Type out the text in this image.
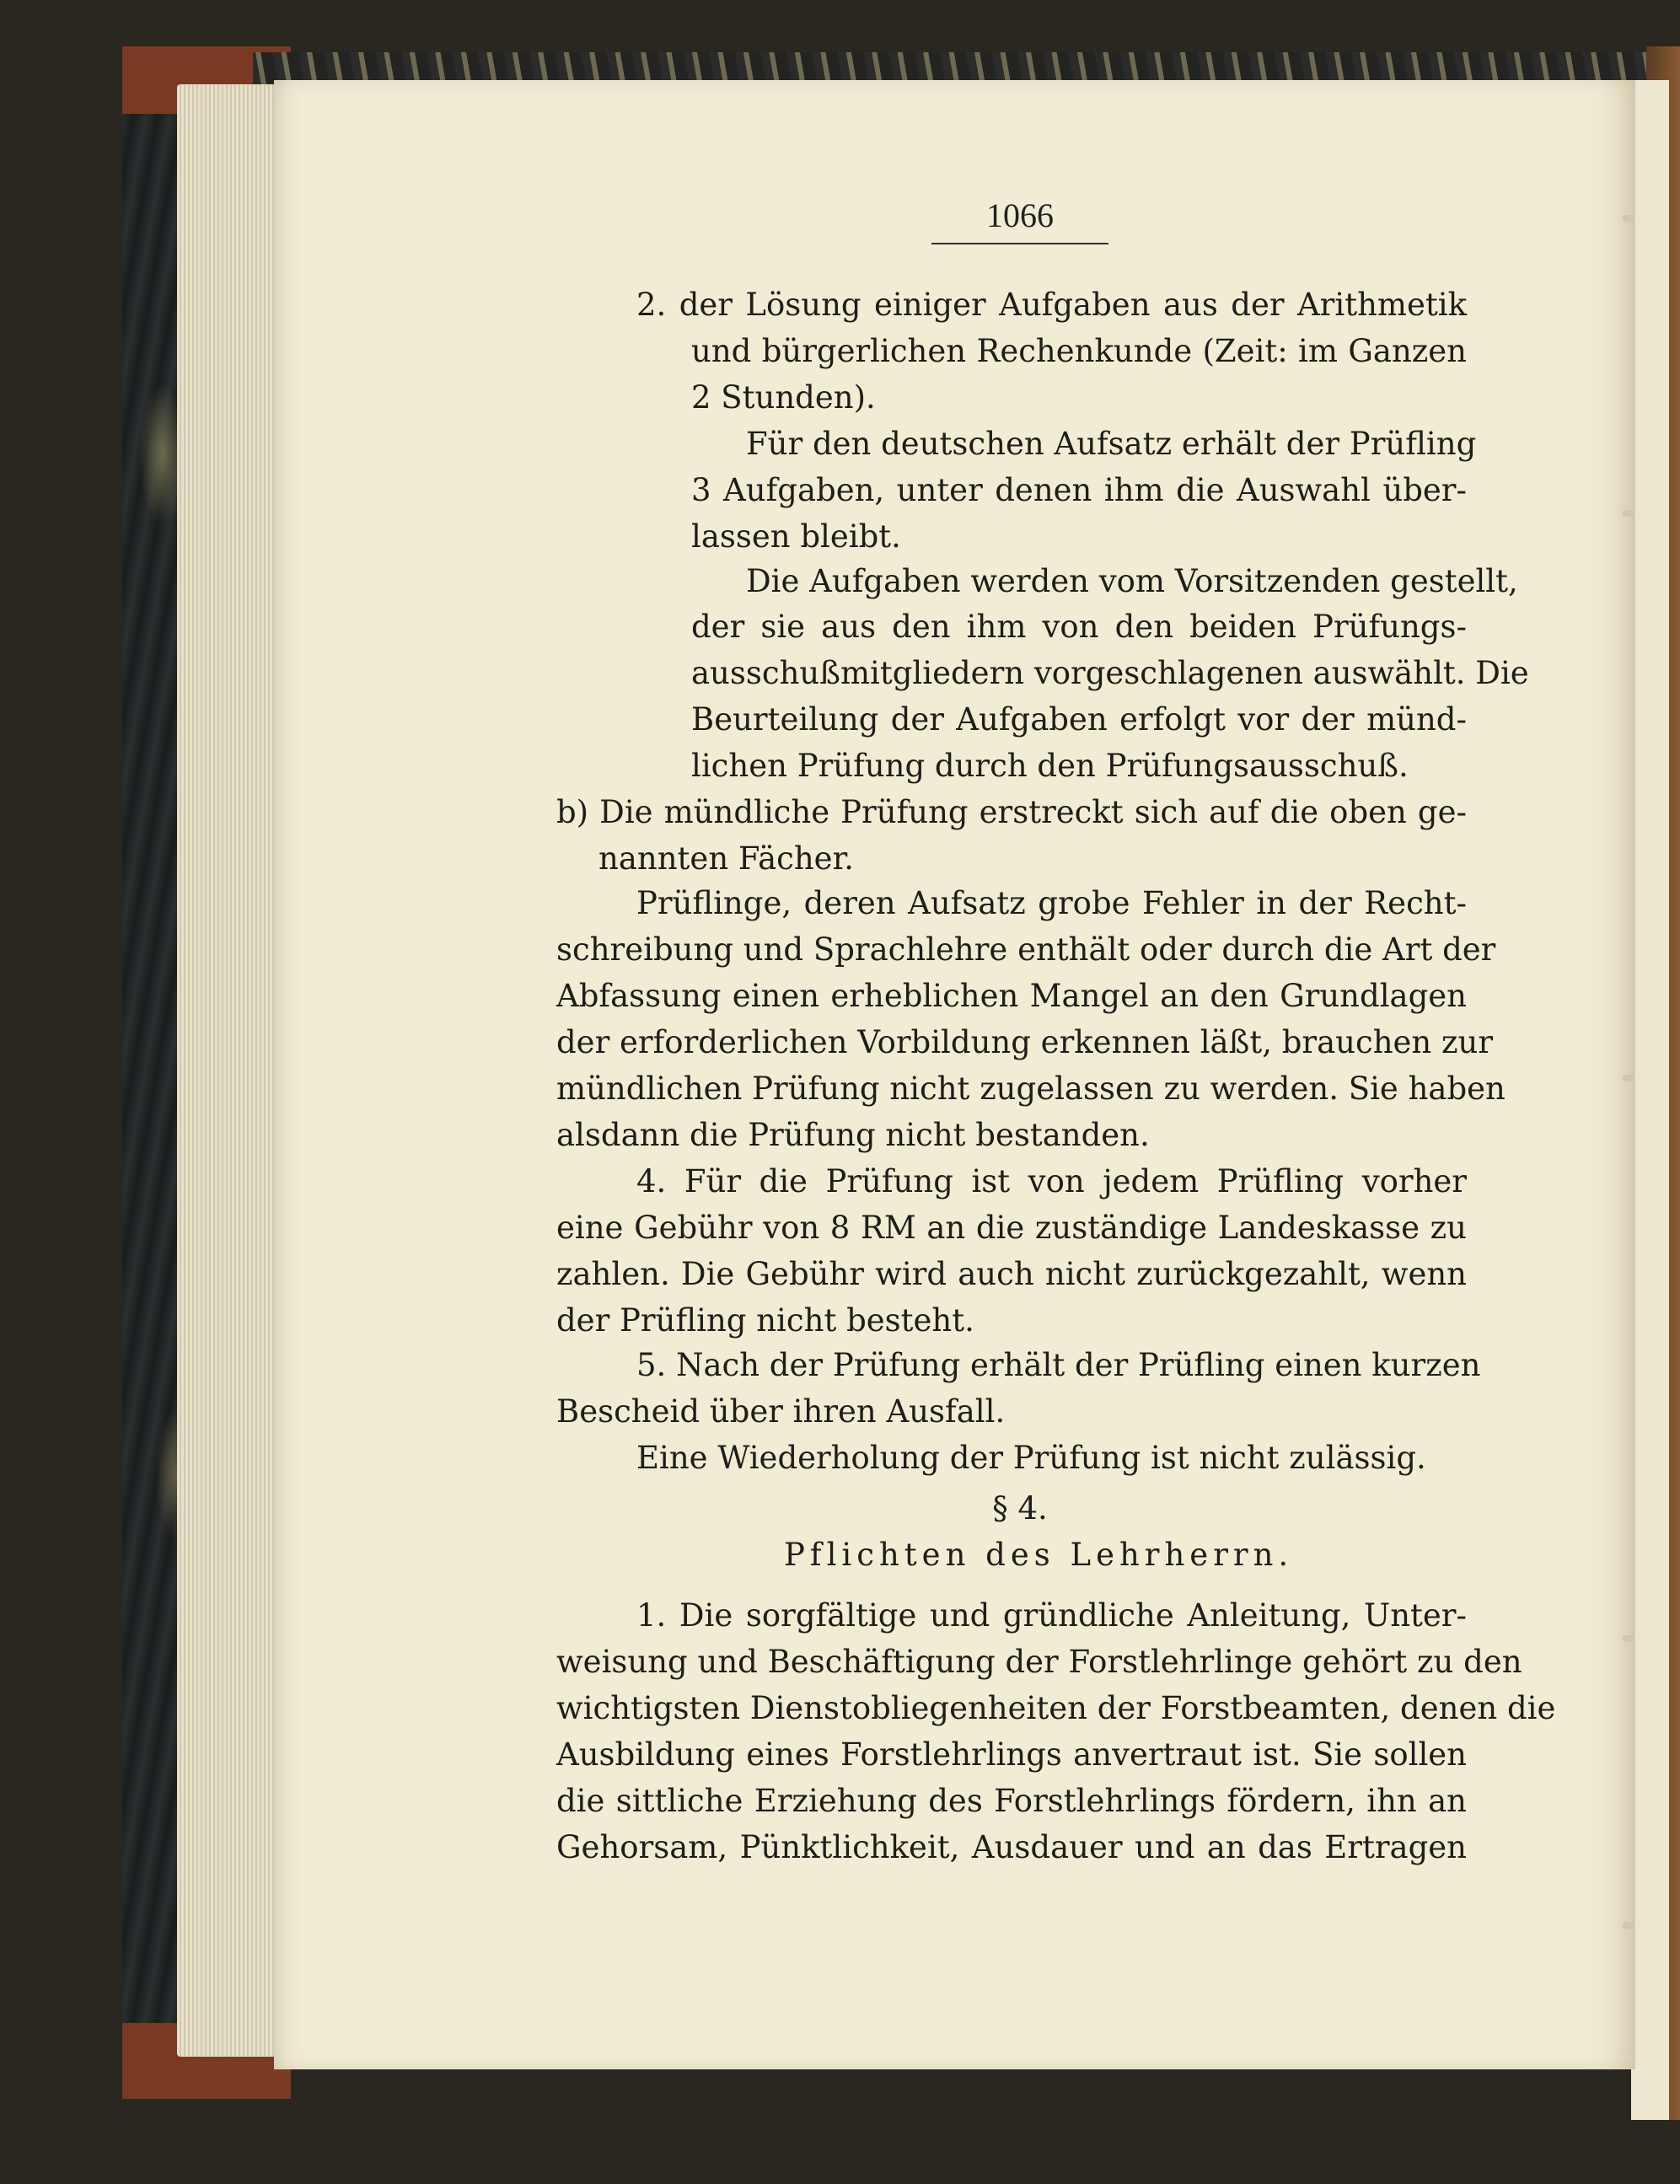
1066
2. der Lösung einiger Aufgaben aus der Arithmetik
und bürgerlichen Rechenkunde (Zeit: im Ganzen
2 Stunden).
Für den deutschen Aufsatz erhält der Prüfling
3 Aufgaben, unter denen ihm die Auswahl über-
lassen bleibt.
Die Aufgaben werden vom Vorsitzenden gestellt,
der sie aus den ihm von den beiden Prüfungs-
ausschußmitgliedern vorgeschlagenen auswählt. Die
Beurteilung der Aufgaben erfolgt vor der münd-
lichen Prüfung durch den Prüfungsausschuß.
b) Die mündliche Prüfung erstreckt sich auf die oben ge-
nannten Fächer.
Prüflinge, deren Aufsatz grobe Fehler in der Recht-
schreibung und Sprachlehre enthält oder durch die Art der
Abfassung einen erheblichen Mangel an den Grundlagen
der erforderlichen Vorbildung erkennen läßt, brauchen zur
mündlichen Prüfung nicht zugelassen zu werden. Sie haben
alsdann die Prüfung nicht bestanden.
4. Für die Prüfung ist von jedem Prüfling vorher
eine Gebühr von 8 RM an die zuständige Landeskasse zu
zahlen. Die Gebühr wird auch nicht zurückgezahlt, wenn
der Prüfling nicht besteht.
5. Nach der Prüfung erhält der Prüfling einen kurzen
Bescheid über ihren Ausfall.
Eine Wiederholung der Prüfung ist nicht zulässig.
§ 4.
Pflichten des Lehrherrn.
1. Die sorgfältige und gründliche Anleitung, Unter-
weisung und Beschäftigung der Forstlehrlinge gehört zu den
wichtigsten Dienstobliegenheiten der Forstbeamten, denen die
Ausbildung eines Forstlehrlings anvertraut ist. Sie sollen
die sittliche Erziehung des Forstlehrlings fördern, ihn an
Gehorsam, Pünktlichkeit, Ausdauer und an das Ertragen
